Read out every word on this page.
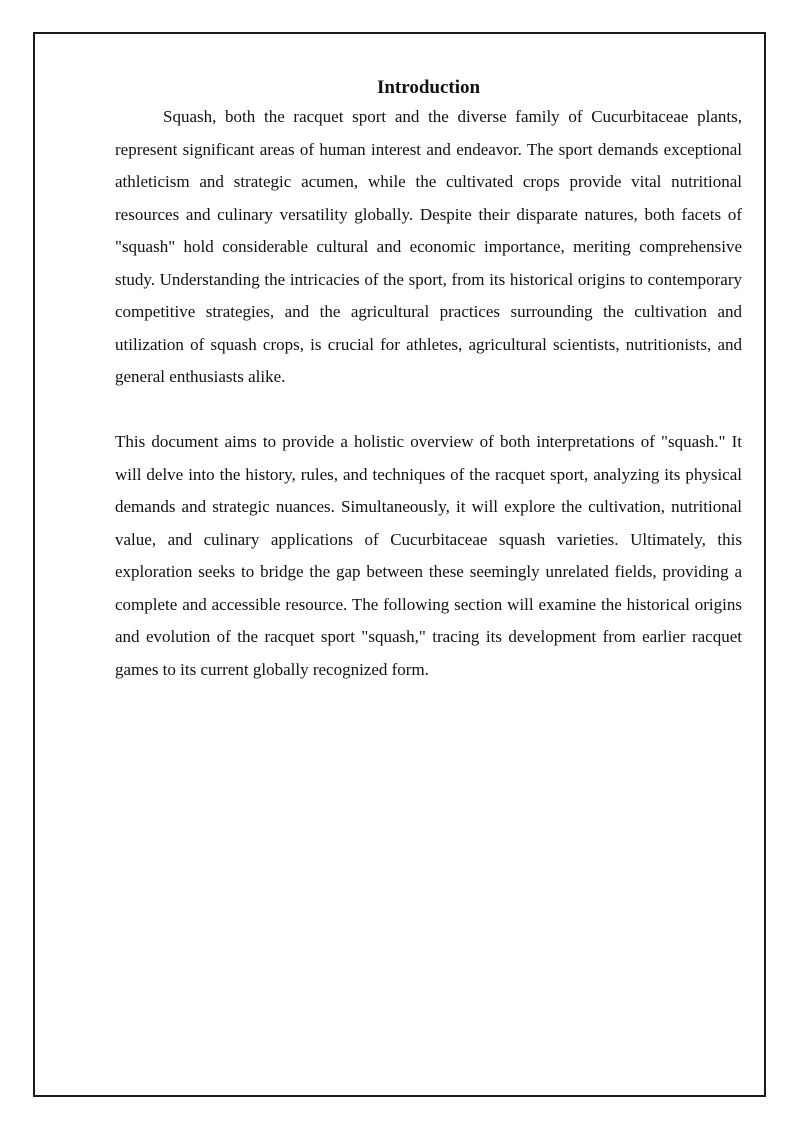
Introduction

Squash, both the racquet sport and the diverse family of Cucurbitaceae plants, represent significant areas of human interest and endeavor. The sport demands exceptional athleticism and strategic acumen, while the cultivated crops provide vital nutritional resources and culinary versatility globally. Despite their disparate natures, both facets of "squash" hold considerable cultural and economic importance, meriting comprehensive study. Understanding the intricacies of the sport, from its historical origins to contemporary competitive strategies, and the agricultural practices surrounding the cultivation and utilization of squash crops, is crucial for athletes, agricultural scientists, nutritionists, and general enthusiasts alike.

This document aims to provide a holistic overview of both interpretations of "squash." It will delve into the history, rules, and techniques of the racquet sport, analyzing its physical demands and strategic nuances. Simultaneously, it will explore the cultivation, nutritional value, and culinary applications of Cucurbitaceae squash varieties. Ultimately, this exploration seeks to bridge the gap between these seemingly unrelated fields, providing a complete and accessible resource. The following section will examine the historical origins and evolution of the racquet sport "squash," tracing its development from earlier racquet games to its current globally recognized form.
